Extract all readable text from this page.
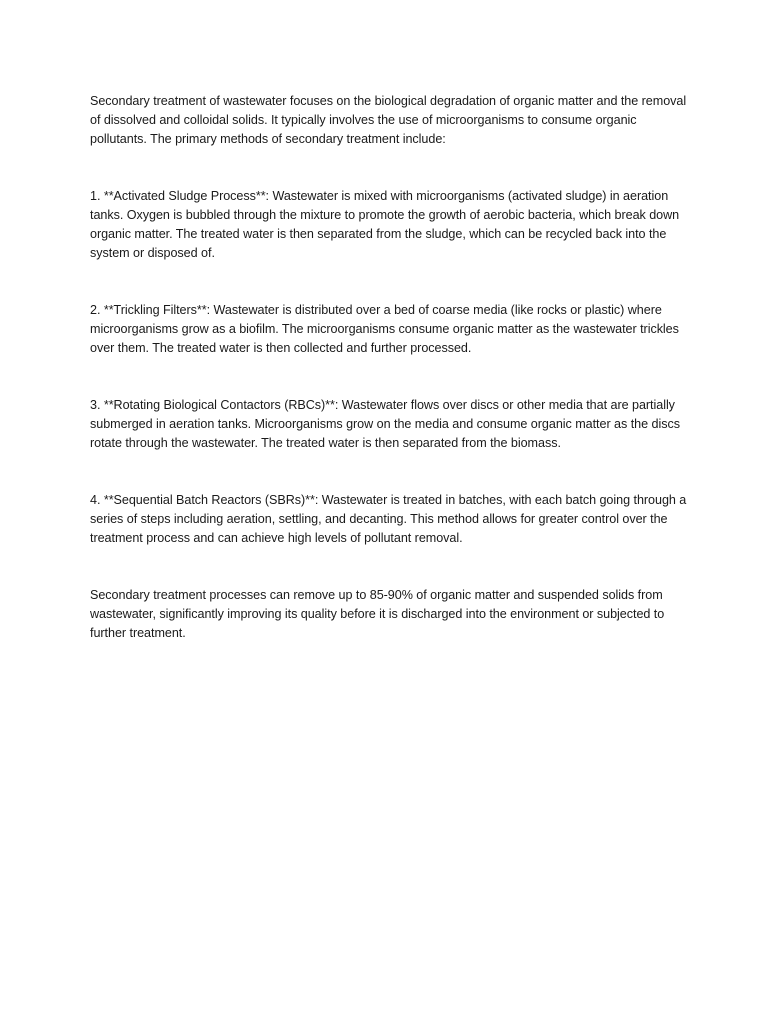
Secondary treatment of wastewater focuses on the biological degradation of organic matter and the removal of dissolved and colloidal solids. It typically involves the use of microorganisms to consume organic pollutants. The primary methods of secondary treatment include:

1. **Activated Sludge Process**: Wastewater is mixed with microorganisms (activated sludge) in aeration tanks. Oxygen is bubbled through the mixture to promote the growth of aerobic bacteria, which break down organic matter. The treated water is then separated from the sludge, which can be recycled back into the system or disposed of.

2. **Trickling Filters**: Wastewater is distributed over a bed of coarse media (like rocks or plastic) where microorganisms grow as a biofilm. The microorganisms consume organic matter as the wastewater trickles over them. The treated water is then collected and further processed.

3. **Rotating Biological Contactors (RBCs)**: Wastewater flows over discs or other media that are partially submerged in aeration tanks. Microorganisms grow on the media and consume organic matter as the discs rotate through the wastewater. The treated water is then separated from the biomass.

4. **Sequential Batch Reactors (SBRs)**: Wastewater is treated in batches, with each batch going through a series of steps including aeration, settling, and decanting. This method allows for greater control over the treatment process and can achieve high levels of pollutant removal.

Secondary treatment processes can remove up to 85-90% of organic matter and suspended solids from wastewater, significantly improving its quality before it is discharged into the environment or subjected to further treatment.
